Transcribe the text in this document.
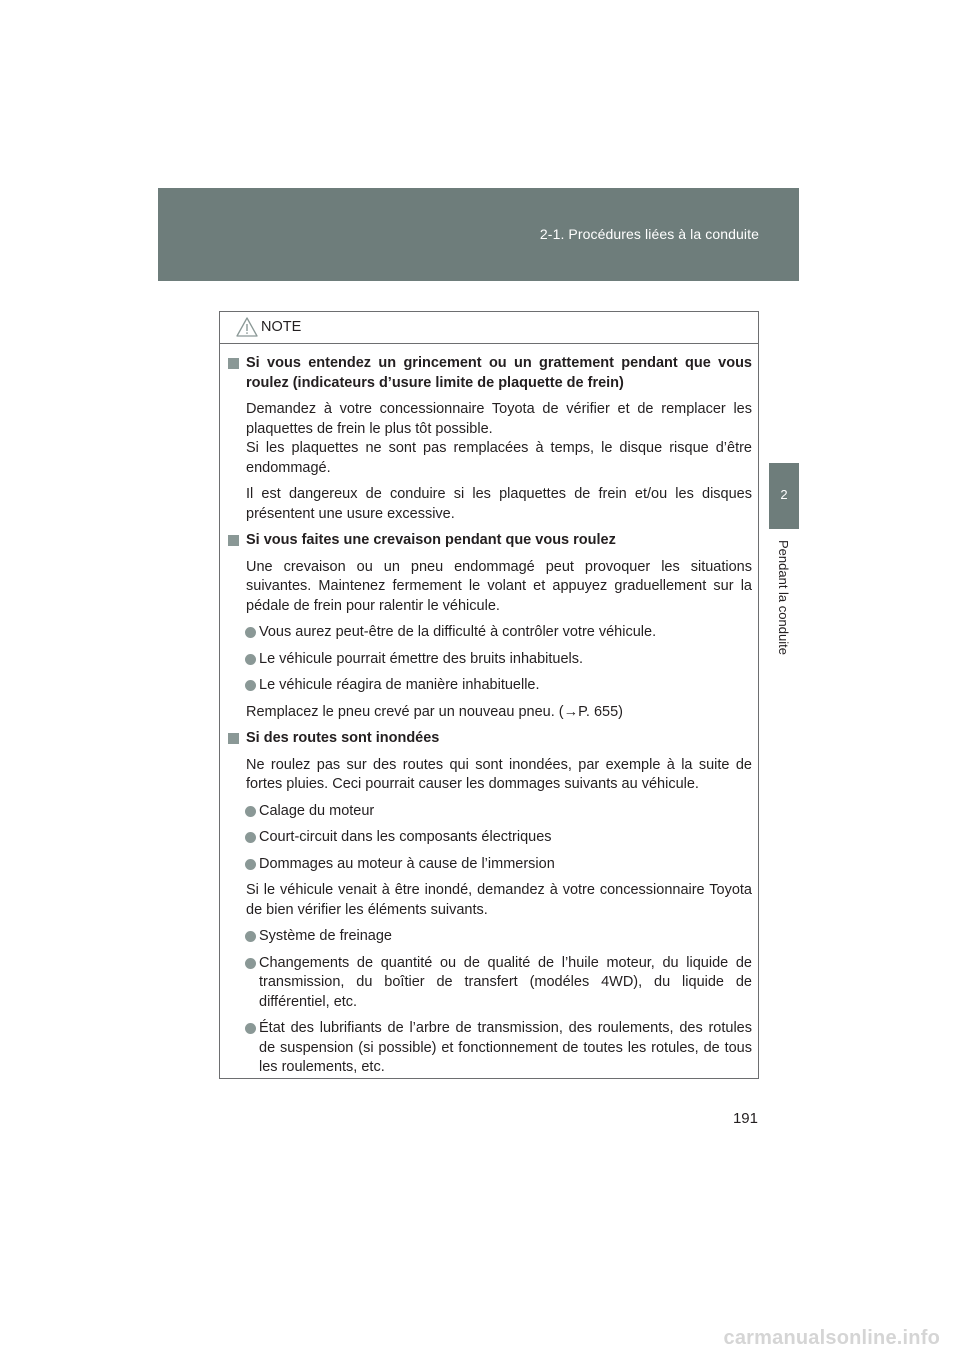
2-1. Procédures liées à la conduite
2
Pendant la conduite
NOTE
Si vous entendez un grincement ou un grattement pendant que vous roulez (indicateurs d’usure limite de plaquette de frein)
Demandez à votre concessionnaire Toyota de vérifier et de remplacer les plaquettes de frein le plus tôt possible.
Si les plaquettes ne sont pas remplacées à temps, le disque risque d’être endommagé.
Il est dangereux de conduire si les plaquettes de frein et/ou les disques présentent une usure excessive.
Si vous faites une crevaison pendant que vous roulez
Une crevaison ou un pneu endommagé peut provoquer les situations suivantes. Maintenez fermement le volant et appuyez graduellement sur la pédale de frein pour ralentir le véhicule.
Vous aurez peut-être de la difficulté à contrôler votre véhicule.
Le véhicule pourrait émettre des bruits inhabituels.
Le véhicule réagira de manière inhabituelle.
Remplacez le pneu crevé par un nouveau pneu. (→P. 655)
Si des routes sont inondées
Ne roulez pas sur des routes qui sont inondées, par exemple à la suite de fortes pluies. Ceci pourrait causer les dommages suivants au véhicule.
Calage du moteur
Court-circuit dans les composants électriques
Dommages au moteur à cause de l’immersion
Si le véhicule venait à être inondé, demandez à votre concessionnaire Toyota de bien vérifier les éléments suivants.
Système de freinage
Changements de quantité ou de qualité de l’huile moteur, du liquide de transmission, du boîtier de transfert (modéles 4WD), du liquide de différentiel, etc.
État des lubrifiants de l’arbre de transmission, des roulements, des rotules de suspension (si possible) et fonctionnement de toutes les rotules, de tous les roulements, etc.
191
carmanualsonline.info
